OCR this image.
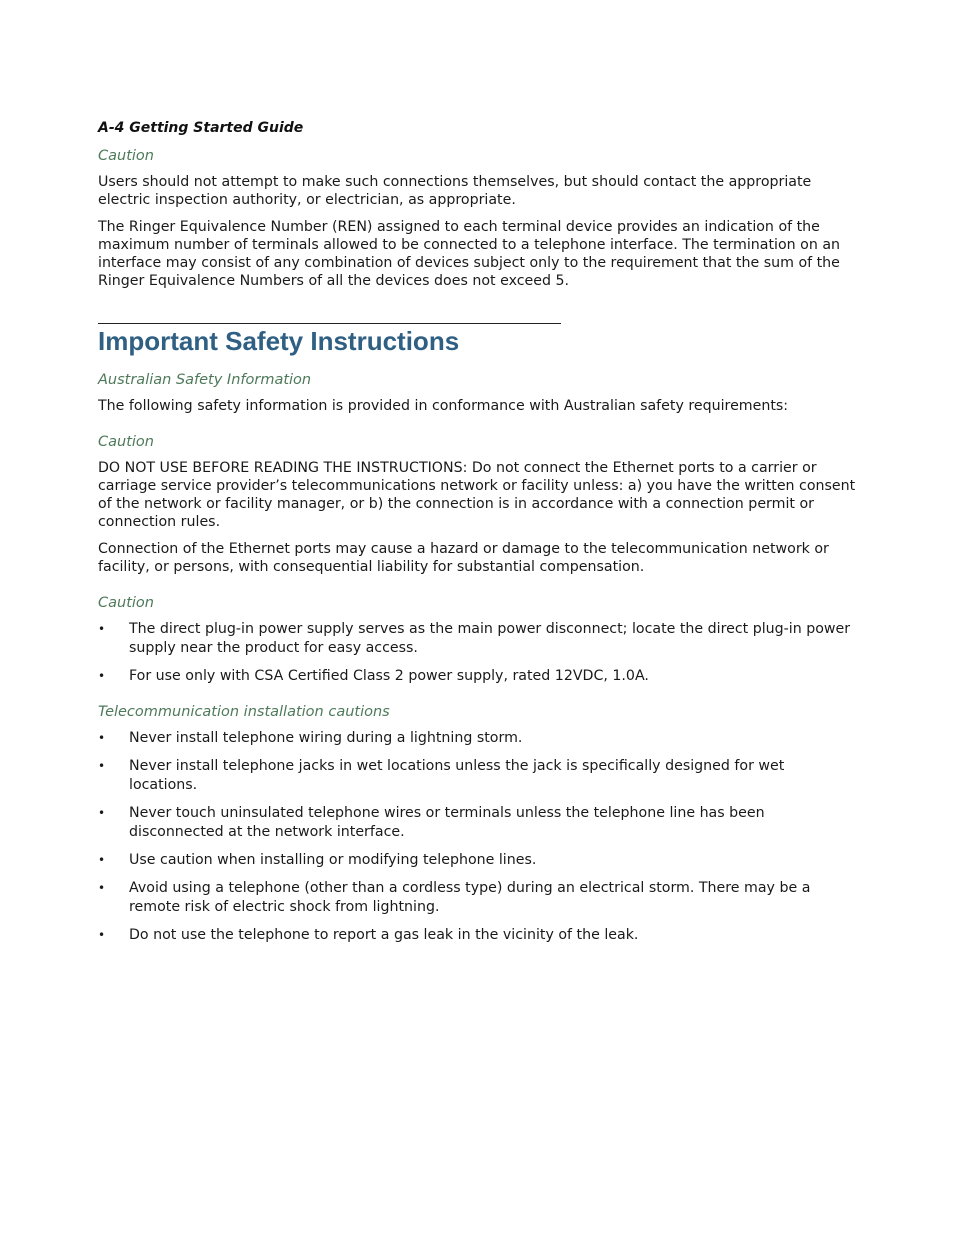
A-4 Getting Started Guide
Caution

Users should not attempt to make such connections themselves, but should contact the appropriate electric inspection authority, or electrician, as appropriate.

The Ringer Equivalence Number (REN) assigned to each terminal device provides an indication of the maximum number of terminals allowed to be connected to a telephone interface. The termination on an interface may consist of any combination of devices subject only to the requirement that the sum of the Ringer Equivalence Numbers of all the devices does not exceed 5.

Important Safety Instructions
Australian Safety Information

The following safety information is provided in conformance with Australian safety requirements:

Caution

DO NOT USE BEFORE READING THE INSTRUCTIONS: Do not connect the Ethernet ports to a carrier or carriage service provider’s telecommunications network or facility unless: a) you have the written consent of the network or facility manager, or b) the connection is in accordance with a connection permit or connection rules.

Connection of the Ethernet ports may cause a hazard or damage to the telecommunication network or facility, or persons, with consequential liability for substantial compensation.

Caution
• The direct plug-in power supply serves as the main power disconnect; locate the direct plug-in power supply near the product for easy access.
• For use only with CSA Certified Class 2 power supply, rated 12VDC, 1.0A.
Telecommunication installation cautions
• Never install telephone wiring during a lightning storm.
• Never install telephone jacks in wet locations unless the jack is specifically designed for wet locations.
• Never touch uninsulated telephone wires or terminals unless the telephone line has been disconnected at the network interface.
• Use caution when installing or modifying telephone lines.
• Avoid using a telephone (other than a cordless type) during an electrical storm. There may be a remote risk of electric shock from lightning.
• Do not use the telephone to report a gas leak in the vicinity of the leak.
